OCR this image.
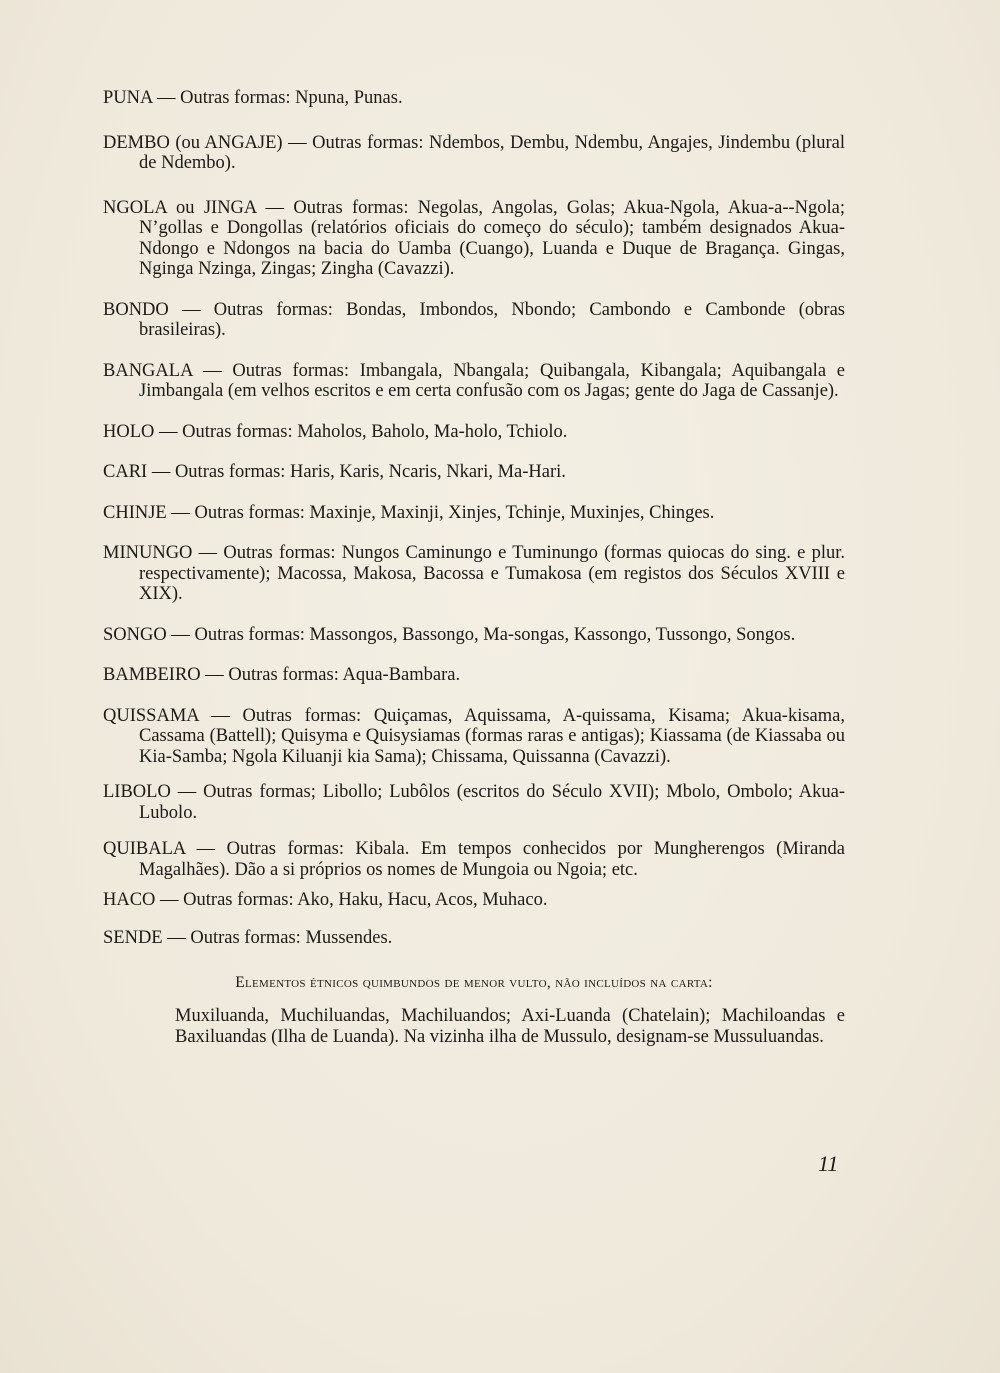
PUNA — Outras formas: Npuna, Punas.

DEMBO (ou ANGAJE) — Outras formas: Ndembos, Dembu, Ndembu, Angajes, Jindembu (plural de Ndembo).

NGOLA ou JINGA — Outras formas: Negolas, Angolas, Golas; Akua-Ngola, Akua-a--Ngola; N’gollas e Dongollas (relatórios oficiais do começo do século); também designados Akua-Ndongo e Ndongos na bacia do Uamba (Cuango), Luanda e Duque de Bragança. Gingas, Nginga Nzinga, Zingas; Zingha (Cavazzi).

BONDO — Outras formas: Bondas, Imbondos, Nbondo; Cambondo e Cambonde (obras brasileiras).

BANGALA — Outras formas: Imbangala, Nbangala; Quibangala, Kibangala; Aquibangala e Jimbangala (em velhos escritos e em certa confusão com os Jagas; gente do Jaga de Cassanje).

HOLO — Outras formas: Maholos, Baholo, Ma-holo, Tchiolo.

CARI — Outras formas: Haris, Karis, Ncaris, Nkari, Ma-Hari.

CHINJE — Outras formas: Maxinje, Maxinji, Xinjes, Tchinje, Muxinjes, Chinges.

MINUNGO — Outras formas: Nungos Caminungo e Tuminungo (formas quiocas do sing. e plur. respectivamente); Macossa, Makosa, Bacossa e Tumakosa (em registos dos Séculos XVIII e XIX).

SONGO — Outras formas: Massongos, Bassongo, Ma-songas, Kassongo, Tussongo, Songos.

BAMBEIRO — Outras formas: Aqua-Bambara.

QUISSAMA — Outras formas: Quiçamas, Aquissama, A-quissama, Kisama; Akua-kisama, Cassama (Battell); Quisyma e Quisysiamas (formas raras e antigas); Kiassama (de Kiassaba ou Kia-Samba; Ngola Kiluanji kia Sama); Chissama, Quissanna (Cavazzi).

LIBOLO — Outras formas; Libollo; Lubôlos (escritos do Século XVII); Mbolo, Ombolo; Akua-Lubolo.

QUIBALA — Outras formas: Kibala. Em tempos conhecidos por Mungherengos (Miranda Magalhães). Dão a si próprios os nomes de Mungoia ou Ngoia; etc.

HACO — Outras formas: Ako, Haku, Hacu, Acos, Muhaco.

SENDE — Outras formas: Mussendes.

Elementos étnicos quimbundos de menor vulto, não incluídos na carta:

Muxiluanda, Muchiluandas, Machiluandos; Axi-Luanda (Chatelain); Machiloandas e Baxiluandas (Ilha de Luanda). Na vizinha ilha de Mussulo, designam-se Mussuluandas.

11
